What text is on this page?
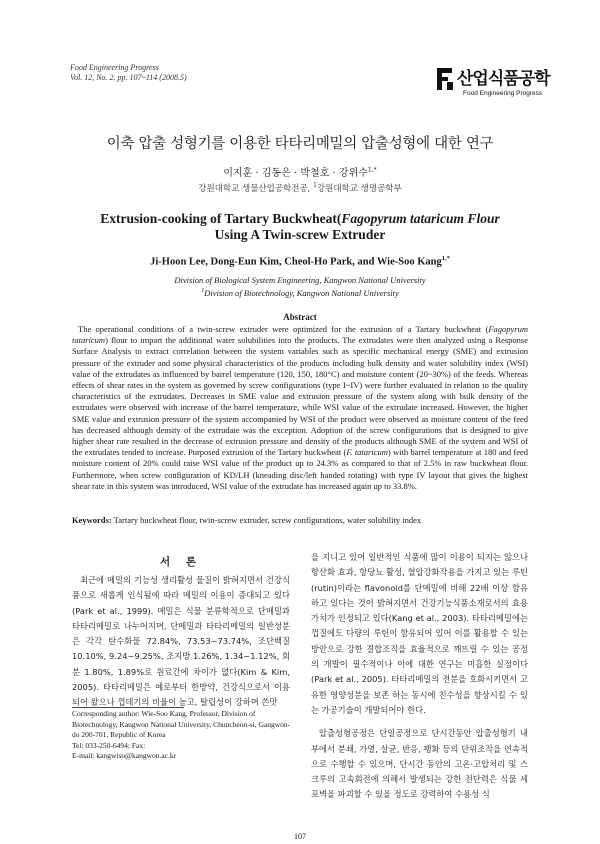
Food Engineering Progress
Vol. 12, No. 2. pp. 107~114 (2008.5)	산업식품공학
Food Engineering Progress
이축 압출 성형기를 이용한 타타리메밀의 압출성형에 대한 연구
이지훈 · 김동은 · 박철호 · 강위수$^{1,*}$
강원대학교 생물산업공학전공, $^1$강원대학교 생명공학부
Extrusion-cooking of Tartary Buckwheat(Fagopyrum tataricum Flour
Using A Twin-screw Extruder
Ji-Hoon Lee, Dong-Eun Kim, Cheol-Ho Park, and Wie-Soo Kang$^{1,*}$
Division of Biological System Engineering, Kangwon National University
$^1$Division of Biotechnology, Kangwon National University
Abstract
The operational conditions of a twin-screw extruder were optimized for the extrusion of a Tartary buckwheat (Fagopyrum tataricum) flour to impart the additional water solubilities into the products. The extrudates were then analyzed using a Response Surface Analysis to extract correlation between the system variables such as specific mechanical energy (SME) and extrusion pressure of the extruder and some physical characteristics of the products including bulk density and water solubility index (WSI) value of the extrudates as influenced by barrel temperature (120, 150, 180°C) and moisture content (20~30%) of the feeds. Whereas effects of shear rates in the system as governed by screw configurations (type I~IV) were further evaluated in relation to the quality characteristics of the extrudates. Decreases in SME value and extrusion pressure of the system along with bulk density of the extrudates were observed with increase of the barrel temperature, while WSI value of the extrudate increased. However, the higher SME value and extrusion pressure of the system accompanied by WSI of the product were observed as moisture content of the feed has decreased although density of the extrudate was the exception. Adoption of the screw configurations that is designed to give higher shear rate resulted in the decrease of extrusion pressure and density of the products although SME of the system and WSI of the extrudates tended to increase. Purposed extrusion of the Tartary buckwheat (F. tataricum) with barrel temperature at 180 and feed moisture content of 20% could raise WSI value of the product up to 24.3% as compared to that of 2.5% in raw buckwheat flour. Furthermore, when screw configuration of KD/LH (kneading disc/left handed rotating) with type IV layout that gives the highest shear rate in this system was introduced, WSI value of the extrudate has increased again up to 33.8%.
Keywords: Tartary buckwheat flour, twin-screw extruder, screw configurations, water solubility index
서 론
최근에 메밀의 기능성 생리활성 물질이 밝혀지면서 건강식품으로 새롭게 인식됨에 따라 메밀의 이용이 증대되고 있다(Park et al., 1999). 메밀은 식물 분류학적으로 단메밀과 타타리메밀로 나누어지며, 단메밀과 타타리메밀의 일반성분은 각각 탄수화물 72.84%, 73.53~73.74%, 조단백질 10.10%, 9.24~9.25%, 조지방 1.26%, 1.34~1.12%, 회분 1.80%, 1.89%로 원료간에 차이가 없다(Kim & Kim, 2005). 타타리메밀은 예로부터 한방약, 건강식으로서 이용되어 왔으나 껍데기의 비율이 높고, 탈립성이 강하며 쓴맛

을 지니고 있어 일반적인 식품에 많이 이용이 되지는 않으나 항산화 효과, 항당뇨 활성, 혈압강화작용을 가지고 있는 루틴(rutin)이라는 flavonoid를 단메밀에 비해 22배 이상 함유하고 있다는 것이 밝혀지면서 건강기능식품소재로서의 효용가치가 인정되고 있다(Kang et al., 2003). 타타리메밀에는 껍질에도 다량의 루틴이 함유되어 있어 이를 활용할 수 있는 방안으로 강한 결합조직을 효율적으로 깨뜨릴 수 있는 공정의 개발이 필수적이나 이에 대한 연구는 미흡한 실정이다(Park et al., 2005). 타타리메밀의 전분을 호화시키면서 고유한 영양성분을 보존 하는 동시에 친수성을 향상시킬 수 있는 가공기술이 개발되어야 한다.

압출성형공정은 단일공정으로 단시간동안 압출성형기 내부에서 분쇄, 가열, 살균, 반응, 팽화 등의 단위조작을 연속적으로 수행할 수 있으며, 단시간 동안의 고온·고압처리 및 스크루의 고속회전에 의해서 발생되는 강한 전단력은 식물 세포벽을 파괴할 수 있을 정도로 강력하여 수용성 식

Corresponding author: Wie-Soo Kang, Professor, Division of Biotechnology, Kangwon National University, Chuncheon-si, Gangwon-do 200-701, Republic of Korea
Tel: 033-250-6494; Fax:
E-mail: kangwiso@kangwon.ac.kr
107
